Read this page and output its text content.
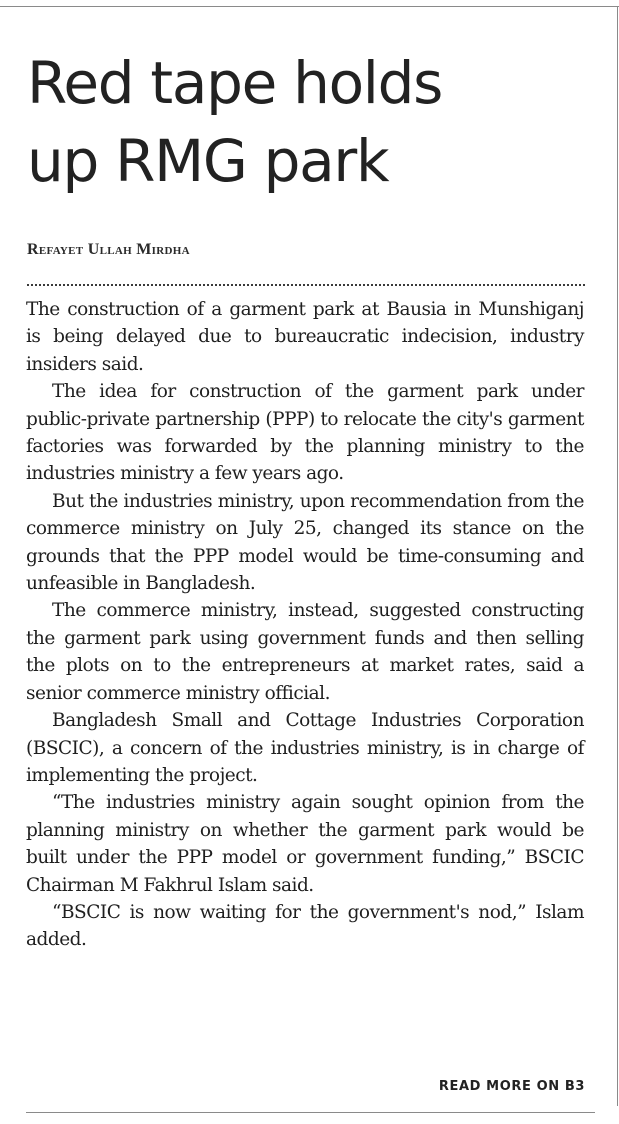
Red tape holds
up RMG park
Refayet Ullah Mirdha

The construction of a garment park at Bausia in Munshiganj is being delayed due to bureaucratic indecision, industry insiders said.

The idea for construction of the garment park under public-private partnership (PPP) to relocate the city's garment factories was forwarded by the planning ministry to the industries ministry a few years ago.

But the industries ministry, upon recommendation from the commerce ministry on July 25, changed its stance on the grounds that the PPP model would be time-consuming and unfeasible in Bangladesh.

The commerce ministry, instead, suggested constructing the garment park using government funds and then selling the plots on to the entrepreneurs at market rates, said a senior commerce ministry official.

Bangladesh Small and Cottage Industries Corporation (BSCIC), a concern of the industries ministry, is in charge of implementing the project.

“The industries ministry again sought opinion from the planning ministry on whether the garment park would be built under the PPP model or government funding,” BSCIC Chairman M Fakhrul Islam said.

“BSCIC is now waiting for the government's nod,” Islam added.

READ MORE ON B3
